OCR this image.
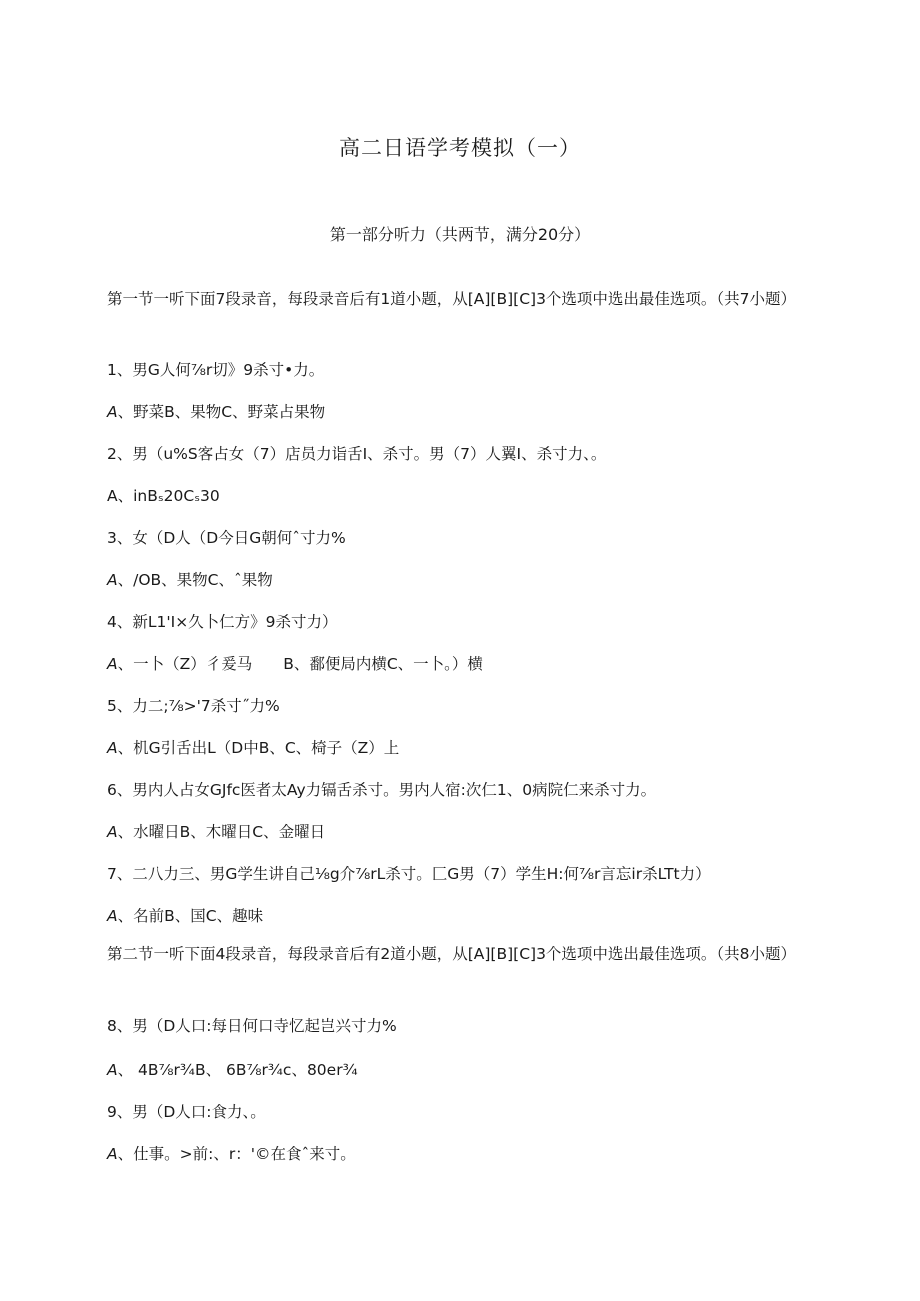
高二日语学考模拟（一）
第一部分听力（共两节，满分20分）
第一节一听下面7段录音，每段录音后有1道小题，从[A][B][C]3个选项中选出最佳选项。（共7小题）
1、男G人何⅞r切》9杀寸•力。
A、野菜B、果物C、野菜占果物
2、男（u%S客占女（7）店员力诣舌I、杀寸。男（7）人翼I、杀寸力、。
A、inBₛ20Cₛ30
3、女（D人（D今日G朝何ˆ寸力%
A、/OB、果物C、ˆ果物
4、新L1'I×久卜仁方》9杀寸力）
A、一卜（Z）彳爰马　　B、鄱便局内横C、一卜。）横
5、力二;⅞>'7杀寸˝力%
A、机G引舌出L（D中B、C、椅子（Z）上
6、男内人占女GJfc医者太Ay力镉舌杀寸。男内人宿:次仁1、0病院仁来杀寸力。
A、水曜日B、木曜日C、金曜日
7、二八力三、男G学生讲自己⅛g介⅞rL杀寸。匚G男（7）学生H:何⅞r言忘ir杀LTt力）
A、名前B、国C、趣味
第二节一听下面4段录音，每段录音后有2道小题，从[A][B][C]3个选项中选出最佳选项。（共8小题）
8、男（D人口:每日何口寺忆起岂兴寸力%
A、 4B⅞r¾B、 6B⅞r¾c、80er¾
9、男（D人口:食力、。
A、仕事。>前:、r：'©在食ˆ来寸。
